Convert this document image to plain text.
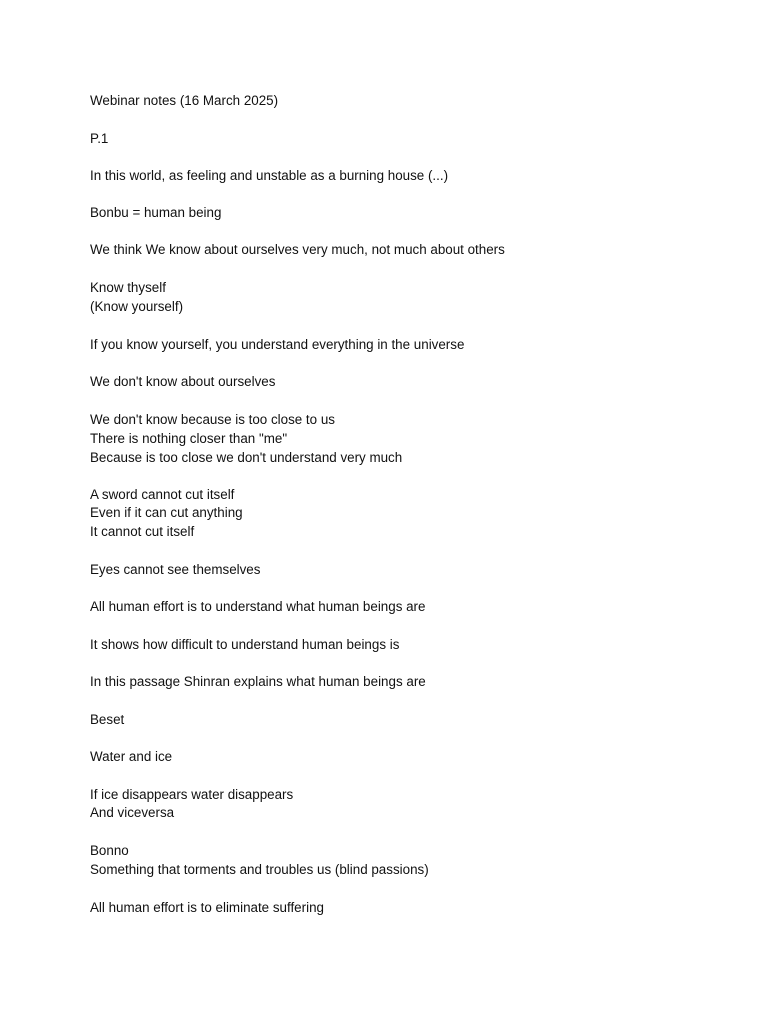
Webinar notes (16 March 2025)

P.1

In this world, as feeling and unstable as a burning house (...)

Bonbu = human being

We think We know about ourselves very much, not much about others

Know thyself

(Know yourself)

If you know yourself, you understand everything in the universe

We don't know about ourselves

We don't know because is too close to us

There is nothing closer than "me"

Because is too close we don't understand very much

A sword cannot cut itself

Even if it can cut anything

It cannot cut itself

Eyes cannot see themselves

All human effort is to understand what human beings are

It shows how difficult to understand human beings is

In this passage Shinran explains what human beings are

Beset

Water and ice

If ice disappears water disappears

And viceversa

Bonno

Something that torments and troubles us (blind passions)

All human effort is to eliminate suffering
